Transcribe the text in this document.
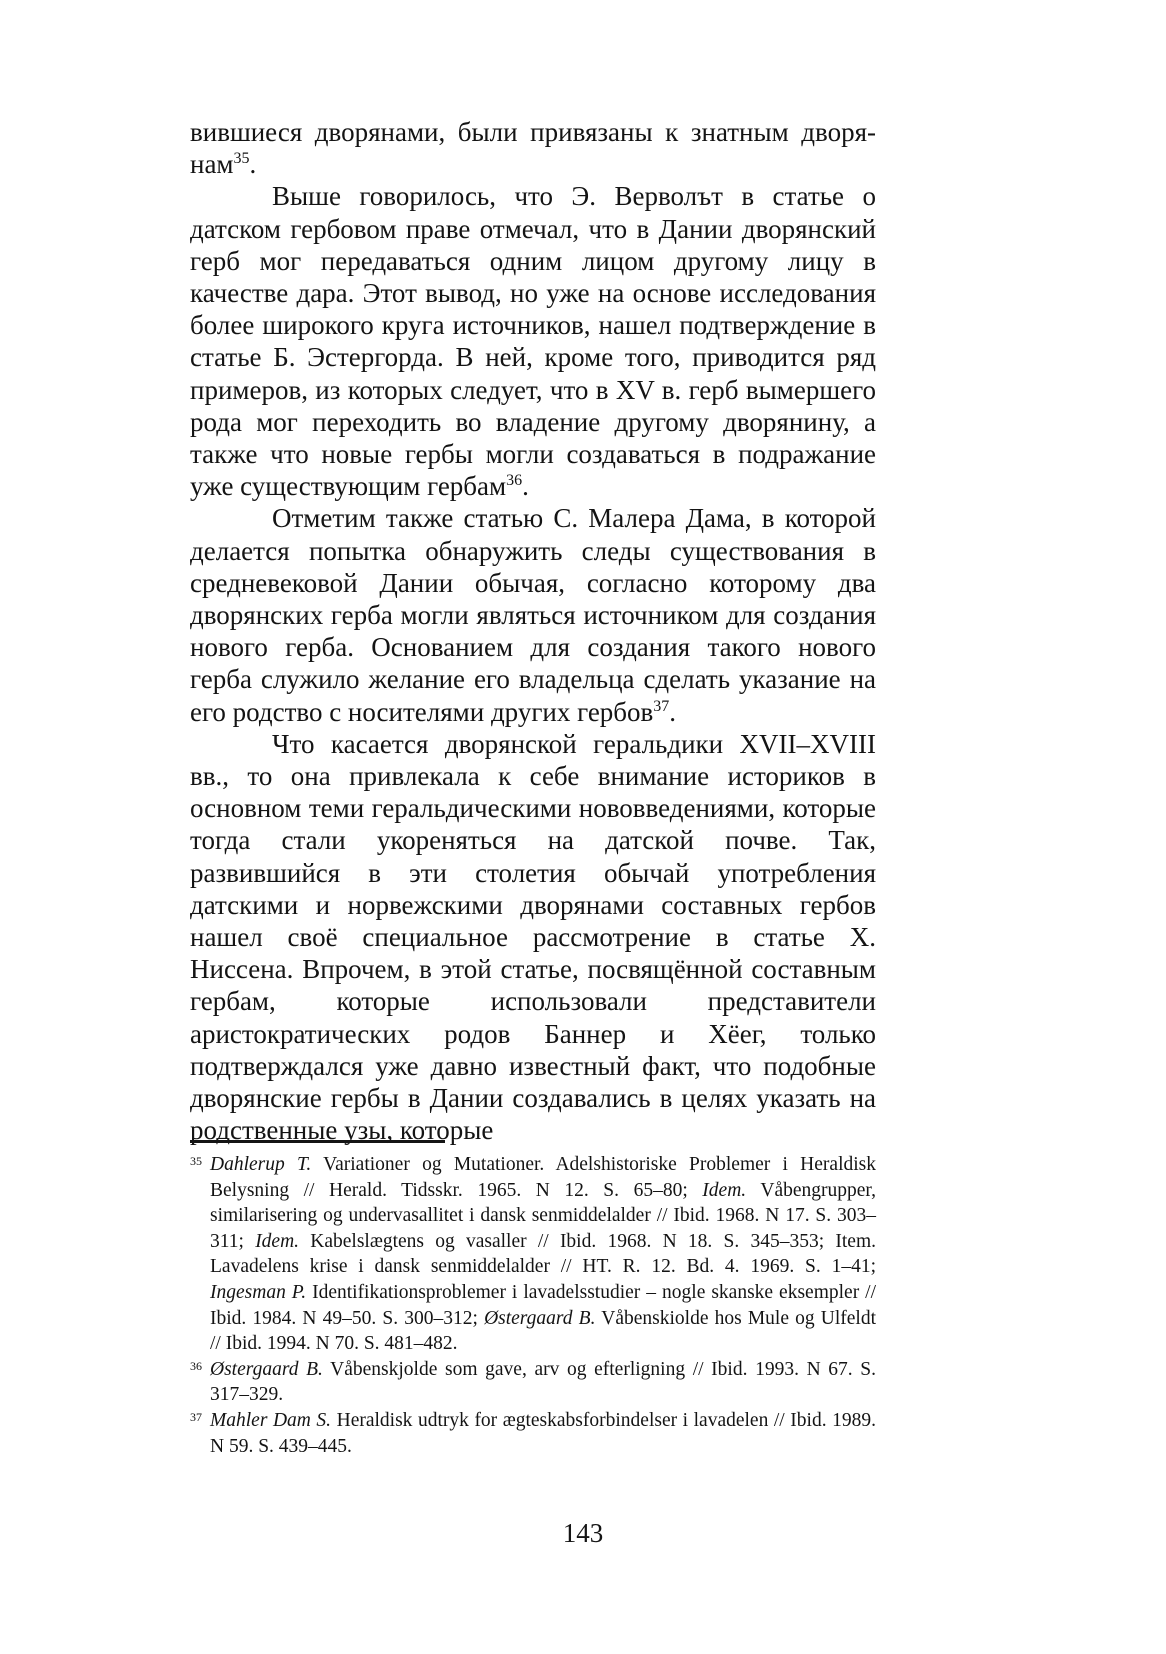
вившиеся дворянами, были привязаны к знатным дворя-нам$^{35}$.

Выше говорилось, что Э. Верволът в статье о датском гербовом праве отмечал, что в Дании дворянский герб мог передаваться одним лицом другому лицу в качестве дара. Этот вывод, но уже на основе исследования более широкого круга источников, нашел подтверждение в статье Б. Эстергорда. В ней, кроме того, приводится ряд примеров, из которых следует, что в XV в. герб вымершего рода мог переходить во владение другому дворянину, а также что новые гербы могли создаваться в подражание уже существующим гербам$^{36}$.

Отметим также статью С. Малера Дама, в которой делается попытка обнаружить следы существования в средневековой Дании обычая, согласно которому два дворянских герба могли являться источником для создания нового герба. Основанием для создания такого нового герба служило желание его владельца сделать указание на его родство с носителями других гербов$^{37}$.

Что касается дворянской геральдики XVII–XVIII вв., то она привлекала к себе внимание историков в основном теми геральдическими нововведениями, которые тогда стали укореняться на датской почве. Так, развившийся в эти столетия обычай употребления датскими и норвежскими дворянами составных гербов нашел своё специальное рассмотрение в статье Х. Ниссена. Впрочем, в этой статье, посвящённой составным гербам, которые использовали представители аристократических родов Баннер и Хёег, только подтверждался уже давно известный факт, что подобные дворянские гербы в Дании создавались в целях указать на родственные узы, которые

35 Dahlerup T. Variationer og Mutationer. Adelshistoriske Problemer i Heraldisk Belysning // Herald. Tidsskr. 1965. N 12. S. 65–80; Idem. Våbengrupper, similarisering og undervasallitet i dansk senmiddelalder // Ibid. 1968. N 17. S. 303–311; Idem. Kabelslægtens og vasaller // Ibid. 1968. N 18. S. 345–353; Item. Lavadelens krise i dansk senmiddelalder // HT. R. 12. Bd. 4. 1969. S. 1–41; Ingesman P. Identifikationsproblemer i lavadelsstudier – nogle skanske eksempler // Ibid. 1984. N 49–50. S. 300–312; Østergaard B. Våbenskiolde hos Mule og Ulfeldt // Ibid. 1994. N 70. S. 481–482.
36 Østergaard B. Våbenskjolde som gave, arv og efterligning // Ibid. 1993. N 67. S. 317–329.
37 Mahler Dam S. Heraldisk udtryk for ægteskabsforbindelser i lavadelen // Ibid. 1989. N 59. S. 439–445.
143
